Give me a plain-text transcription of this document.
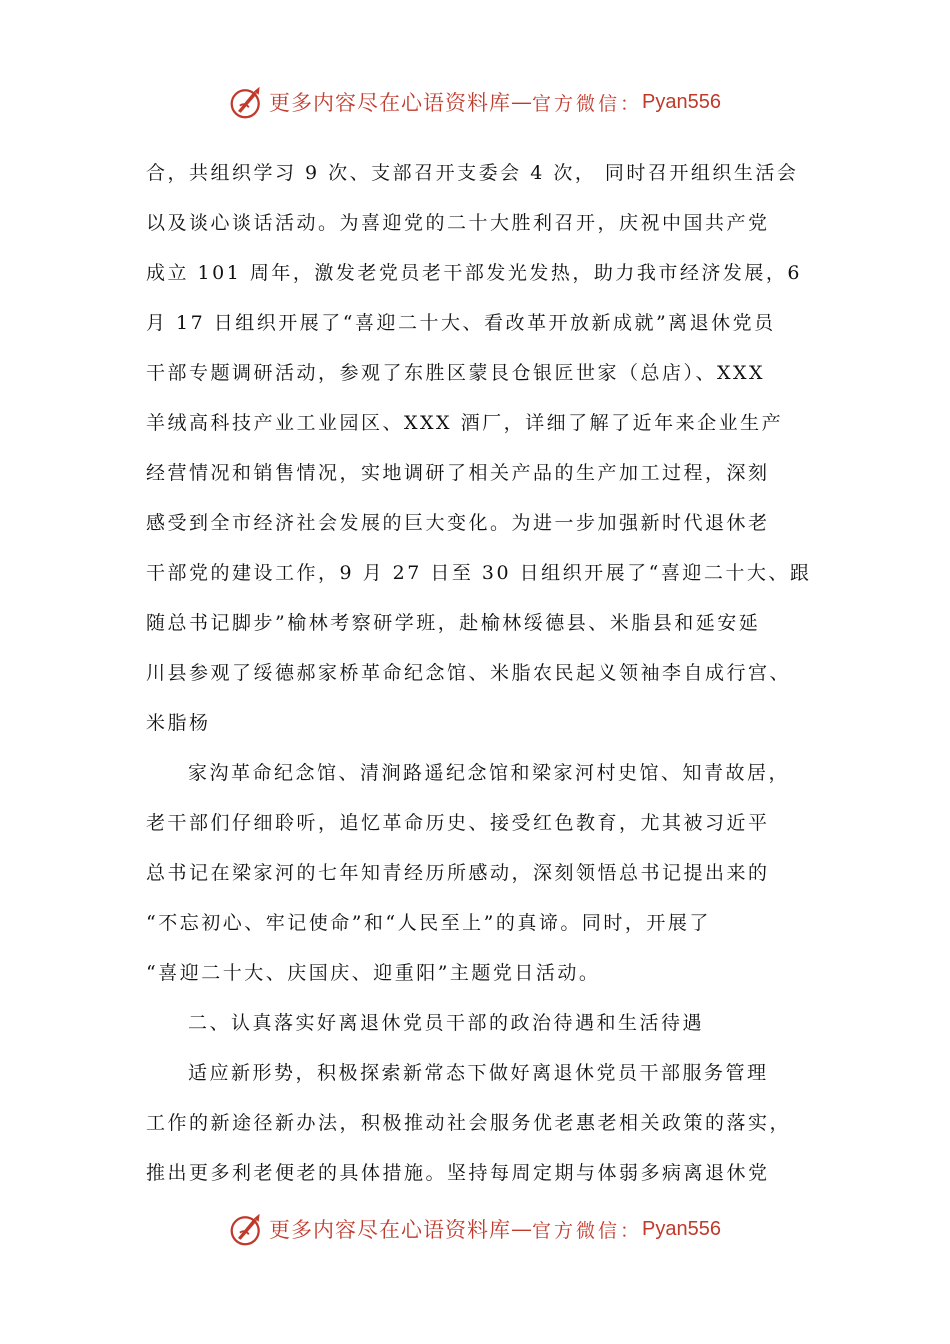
更多内容尽在心语资料库 — 官方微信： Pyan556
合，共组织学习 9 次、支部召开支委会 4 次， 同时召开组织生活会
以及谈心谈话活动。为喜迎党的二十大胜利召开，庆祝中国共产党
成立 101 周年，激发老党员老干部发光发热，助力我市经济发展，6
月 17 日组织开展了“喜迎二十大、看改革开放新成就”离退休党员
干部专题调研活动，参观了东胜区蒙艮仓银匠世家（总店）、XXX
羊绒高科技产业工业园区、XXX 酒厂，详细了解了近年来企业生产
经营情况和销售情况，实地调研了相关产品的生产加工过程，深刻
感受到全市经济社会发展的巨大变化。为进一步加强新时代退休老
干部党的建设工作，9 月 27 日至 30 日组织开展了“喜迎二十大、跟
随总书记脚步”榆林考察研学班，赴榆林绥德县、米脂县和延安延
川县参观了绥德郝家桥革命纪念馆、米脂农民起义领袖李自成行宫、
米脂杨
家沟革命纪念馆、清涧路遥纪念馆和梁家河村史馆、知青故居，
老干部们仔细聆听，追忆革命历史、接受红色教育，尤其被习近平
总书记在梁家河的七年知青经历所感动，深刻领悟总书记提出来的
“不忘初心、牢记使命”和“人民至上”的真谛。同时，开展了
“喜迎二十大、庆国庆、迎重阳”主题党日活动。
二、认真落实好离退休党员干部的政治待遇和生活待遇
适应新形势，积极探索新常态下做好离退休党员干部服务管理
工作的新途径新办法，积极推动社会服务优老惠老相关政策的落实，
推出更多利老便老的具体措施。坚持每周定期与体弱多病离退休党
更多内容尽在心语资料库 — 官方微信： Pyan556
